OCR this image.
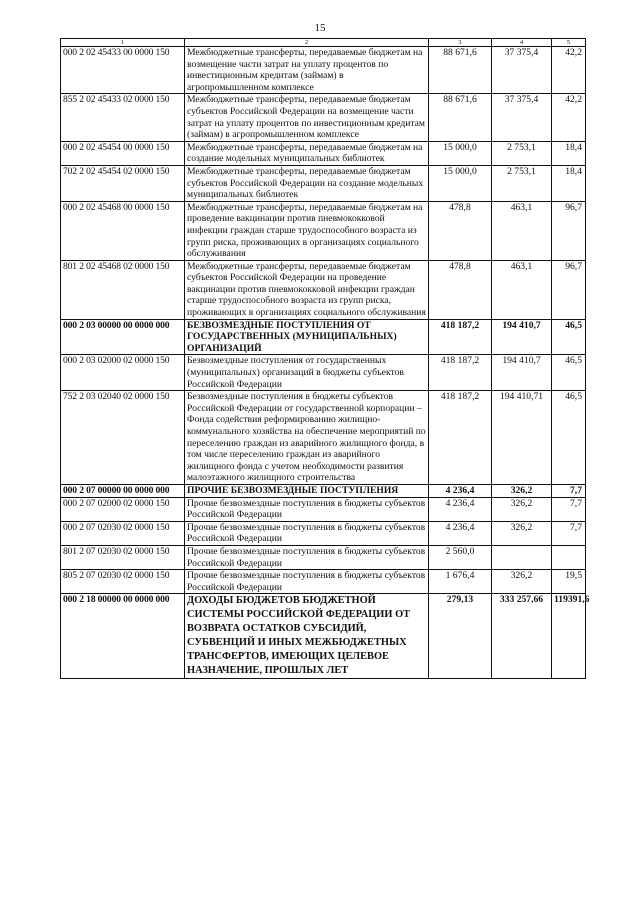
15
1	2	3	4	5
000 2 02 45433 00 0000 150	Межбюджетные трансферты, передаваемые бюджетам на возмещение части затрат на уплату процентов по инвестиционным кредитам (займам) в агропромышленном комплексе	88 671,6	37 375,4	42,2
855 2 02 45433 02 0000 150	Межбюджетные трансферты, передаваемые бюджетам субъектов Российской Федерации на возмещение части затрат на уплату процентов по инвестиционным кредитам (займам) в агропромышленном комплексе	88 671,6	37 375,4	42,2
000 2 02 45454 00 0000 150	Межбюджетные трансферты, передаваемые бюджетам на создание модельных муниципальных библиотек	15 000,0	2 753,1	18,4
702 2 02 45454 02 0000 150	Межбюджетные трансферты, передаваемые бюджетам субъектов Российской Федерации на создание модельных муниципальных библиотек	15 000,0	2 753,1	18,4
000 2 02 45468 00 0000 150	Межбюджетные трансферты, передаваемые бюджетам на проведение вакцинации против пневмококковой инфекции граждан старше трудоспособного возраста из групп риска, проживающих в организациях социального обслуживания	478,8	463,1	96,7
801 2 02 45468 02 0000 150	Межбюджетные трансферты, передаваемые бюджетам субъектов Российской Федерации на проведение вакцинации против пневмококковой инфекции граждан старше трудоспособного возраста из групп риска, проживающих в организациях социального обслуживания	478,8	463,1	96,7
000 2 03 00000 00 0000 000	БЕЗВОЗМЕЗДНЫЕ ПОСТУПЛЕНИЯ ОТ ГОСУДАРСТВЕННЫХ (МУНИЦИПАЛЬНЫХ) ОРГАНИЗАЦИЙ	418 187,2	194 410,7	46,5
000 2 03 02000 02 0000 150	Безвозмездные поступления от государственных (муниципальных) организаций в бюджеты субъектов Российской Федерации	418 187,2	194 410,7	46,5
752 2 03 02040 02 0000 150	Безвозмездные поступления в бюджеты субъектов Российской Федерации от государственной корпорации – Фонда содействия реформированию жилищно-коммунального хозяйства на обеспечение мероприятий по переселению граждан из аварийного жилищного фонда, в том числе переселению граждан из аварийного жилищного фонда с учетом необходимости развития малоэтажного жилищного строительства	418 187,2	194 410,71	46,5
000 2 07 00000 00 0000 000	ПРОЧИЕ БЕЗВОЗМЕЗДНЫЕ ПОСТУПЛЕНИЯ	4 236,4	326,2	7,7
000 2 07 02000 02 0000 150	Прочие безвозмездные поступления в бюджеты субъектов Российской Федерации	4 236,4	326,2	7,7
000 2 07 02030 02 0000 150	Прочие безвозмездные поступления в бюджеты субъектов Российской Федерации	4 236,4	326,2	7,7
801 2 07 02030 02 0000 150	Прочие безвозмездные поступления в бюджеты субъектов Российской Федерации	2 560,0		
805 2 07 02030 02 0000 150	Прочие безвозмездные поступления в бюджеты субъектов Российской Федерации	1 676,4	326,2	19,5
000 2 18 00000 00 0000 000	ДОХОДЫ БЮДЖЕТОВ БЮДЖЕТНОЙ СИСТЕМЫ РОССИЙСКОЙ ФЕДЕРАЦИИ ОТ ВОЗВРАТА ОСТАТКОВ СУБСИДИЙ, СУБВЕНЦИЙ И ИНЫХ МЕЖБЮДЖЕТНЫХ ТРАНСФЕРТОВ, ИМЕЮЩИХ ЦЕЛЕВОЕ НАЗНАЧЕНИЕ, ПРОШЛЫХ ЛЕТ	279,13	333 257,66	119391,6
